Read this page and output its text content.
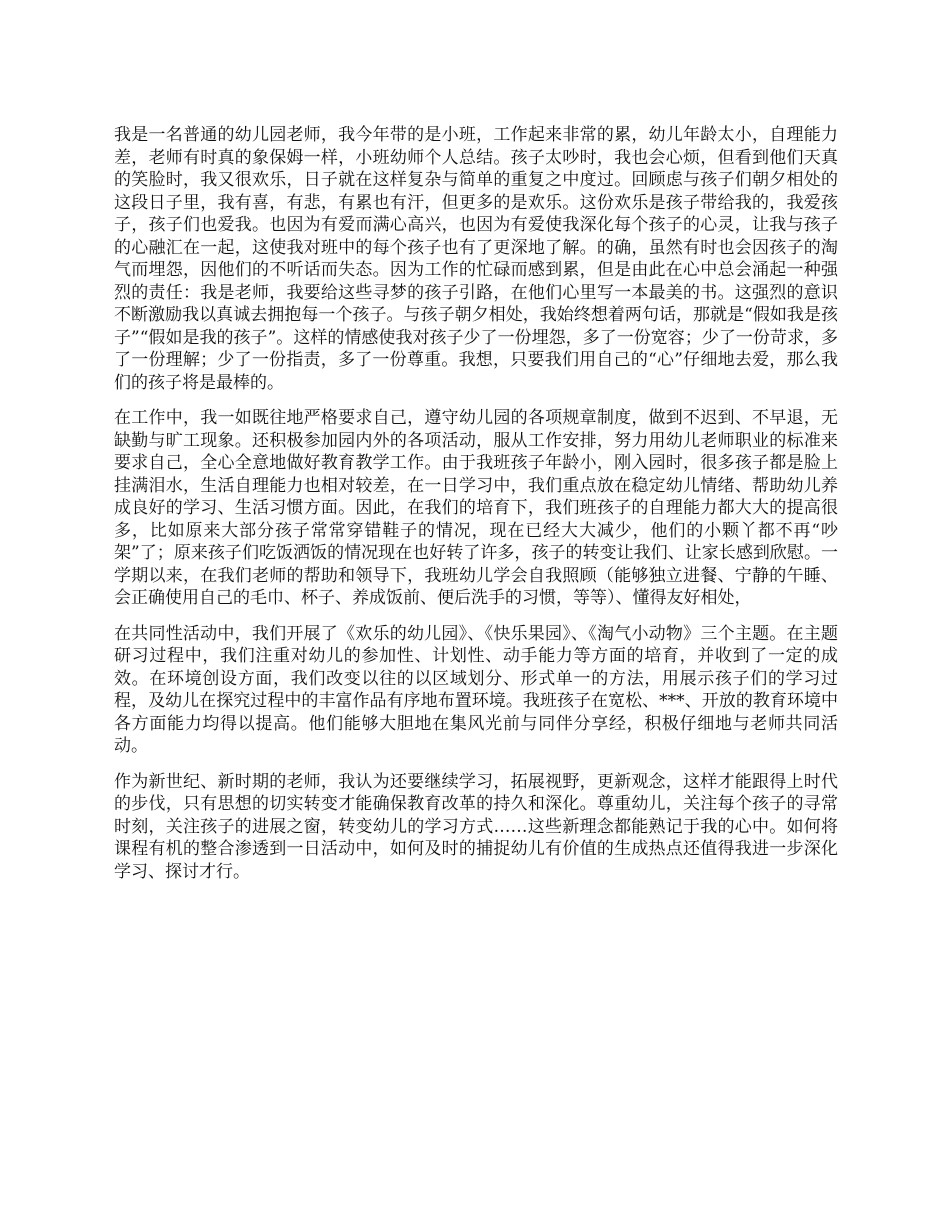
我是一名普通的幼儿园老师，我今年带的是小班，工作起来非常的累，幼儿年龄太小，自理能力差，老师有时真的象保姆一样，小班幼师个人总结。孩子太吵时，我也会心烦，但看到他们天真的笑脸时，我又很欢乐，日子就在这样复杂与简单的重复之中度过。回顾虑与孩子们朝夕相处的这段日子里，我有喜，有悲，有累也有汗，但更多的是欢乐。这份欢乐是孩子带给我的，我爱孩子，孩子们也爱我。也因为有爱而满心高兴，也因为有爱使我深化每个孩子的心灵，让我与孩子的心融汇在一起，这使我对班中的每个孩子也有了更深地了解。的确，虽然有时也会因孩子的淘气而埋怨，因他们的不听话而失态。因为工作的忙碌而感到累，但是由此在心中总会涌起一种强烈的责任：我是老师，我要给这些寻梦的孩子引路，在他们心里写一本最美的书。这强烈的意识不断激励我以真诚去拥抱每一个孩子。与孩子朝夕相处，我始终想着两句话，那就是“假如我是孩子”“假如是我的孩子”。这样的情感使我对孩子少了一份埋怨，多了一份宽容；少了一份苛求，多了一份理解；少了一份指责，多了一份尊重。我想，只要我们用自己的“心”仔细地去爱，那么我们的孩子将是最棒的。

在工作中，我一如既往地严格要求自己，遵守幼儿园的各项规章制度，做到不迟到、不早退，无缺勤与旷工现象。还积极参加园内外的各项活动，服从工作安排，努力用幼儿老师职业的标准来要求自己，全心全意地做好教育教学工作。由于我班孩子年龄小，刚入园时，很多孩子都是脸上挂满泪水，生活自理能力也相对较差，在一日学习中，我们重点放在稳定幼儿情绪、帮助幼儿养成良好的学习、生活习惯方面。因此，在我们的培育下，我们班孩子的自理能力都大大的提高很多，比如原来大部分孩子常常穿错鞋子的情况，现在已经大大减少，他们的小颗丫都不再“吵架”了；原来孩子们吃饭洒饭的情况现在也好转了许多，孩子的转变让我们、让家长感到欣慰。一学期以来，在我们老师的帮助和领导下，我班幼儿学会自我照顾（能够独立进餐、宁静的午睡、会正确使用自己的毛巾、杯子、养成饭前、便后洗手的习惯，等等）、懂得友好相处，

在共同性活动中，我们开展了《欢乐的幼儿园》、《快乐果园》、《淘气小动物》三个主题。在主题研习过程中，我们注重对幼儿的参加性、计划性、动手能力等方面的培育，并收到了一定的成效。在环境创设方面，我们改变以往的以区域划分、形式单一的方法，用展示孩子们的学习过程，及幼儿在探究过程中的丰富作品有序地布置环境。我班孩子在宽松、***、开放的教育环境中各方面能力均得以提高。他们能够大胆地在集风光前与同伴分享经，积极仔细地与老师共同活动。

作为新世纪、新时期的老师，我认为还要继续学习，拓展视野，更新观念，这样才能跟得上时代的步伐，只有思想的切实转变才能确保教育改革的持久和深化。尊重幼儿，关注每个孩子的寻常时刻，关注孩子的进展之窗，转变幼儿的学习方式……这些新理念都能熟记于我的心中。如何将课程有机的整合渗透到一日活动中，如何及时的捕捉幼儿有价值的生成热点还值得我进一步深化学习、探讨才行。
